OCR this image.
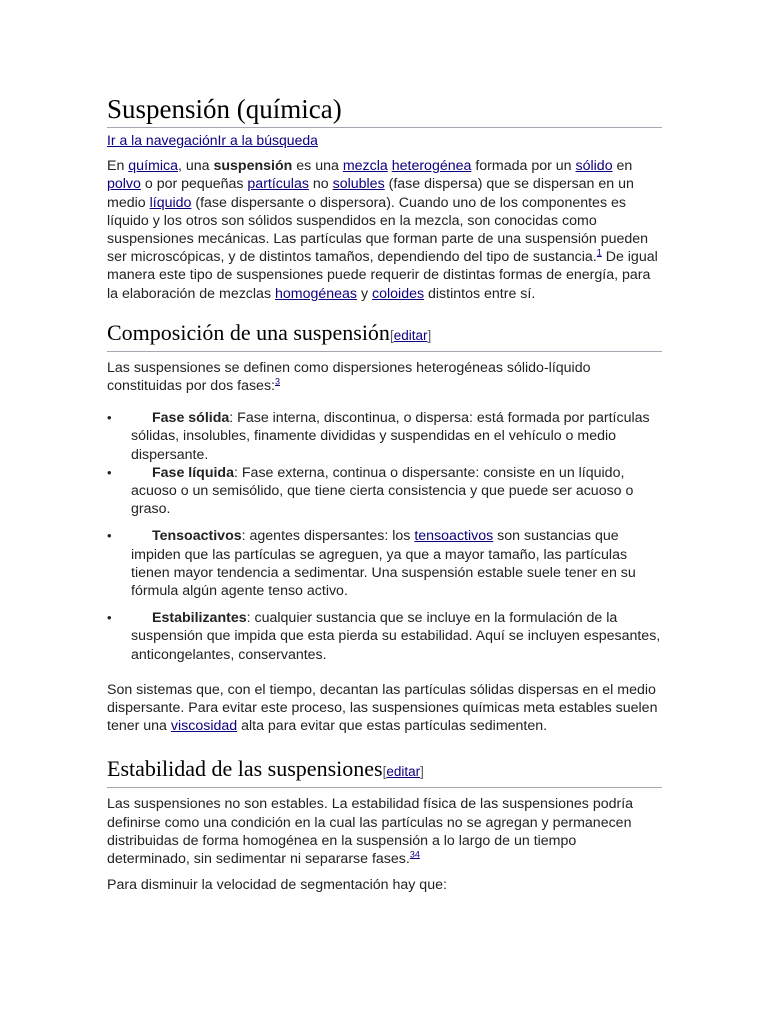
Suspensión (química)
Ir a la navegaciónIr a la búsqueda

En química, una suspensión es una mezcla heterogénea formada por un sólido en polvo o por pequeñas partículas no solubles (fase dispersa) que se dispersan en un medio líquido (fase dispersante o dispersora). Cuando uno de los componentes es líquido y los otros son sólidos suspendidos en la mezcla, son conocidas como suspensiones mecánicas. Las partículas que forman parte de una suspensión pueden ser microscópicas, y de distintos tamaños, dependiendo del tipo de sustancia.$^1$ De igual manera este tipo de suspensiones puede requerir de distintas formas de energía, para la elaboración de mezclas homogéneas y coloides distintos entre sí.

Composición de una suspensión[editar]

Las suspensiones se definen como dispersiones heterogéneas sólido-líquido constituidas por dos fases:$^3$

•	Fase sólida: Fase interna, discontinua, o dispersa: está formada por partículas sólidas, insolubles, finamente divididas y suspendidas en el vehículo o medio dispersante.
•	Fase líquida: Fase externa, continua o dispersante: consiste en un líquido, acuoso o un semisólido, que tiene cierta consistencia y que puede ser acuoso o graso.
•	Tensoactivos: agentes dispersantes: los tensoactivos son sustancias que impiden que las partículas se agreguen, ya que a mayor tamaño, las partículas tienen mayor tendencia a sedimentar. Una suspensión estable suele tener en su fórmula algún agente tenso activo.
•	Estabilizantes: cualquier sustancia que se incluye en la formulación de la suspensión que impida que esta pierda su estabilidad. Aquí se incluyen espesantes, anticongelantes, conservantes.

Son sistemas que, con el tiempo, decantan las partículas sólidas dispersas en el medio dispersante. Para evitar este proceso, las suspensiones químicas meta estables suelen tener una viscosidad alta para evitar que estas partículas sedimenten.

Estabilidad de las suspensiones[editar]

Las suspensiones no son estables. La estabilidad física de las suspensiones podría definirse como una condición en la cual las partículas no se agregan y permanecen distribuidas de forma homogénea en la suspensión a lo largo de un tiempo determinado, sin sedimentar ni separarse fases.$^{34}$

Para disminuir la velocidad de segmentación hay que:
